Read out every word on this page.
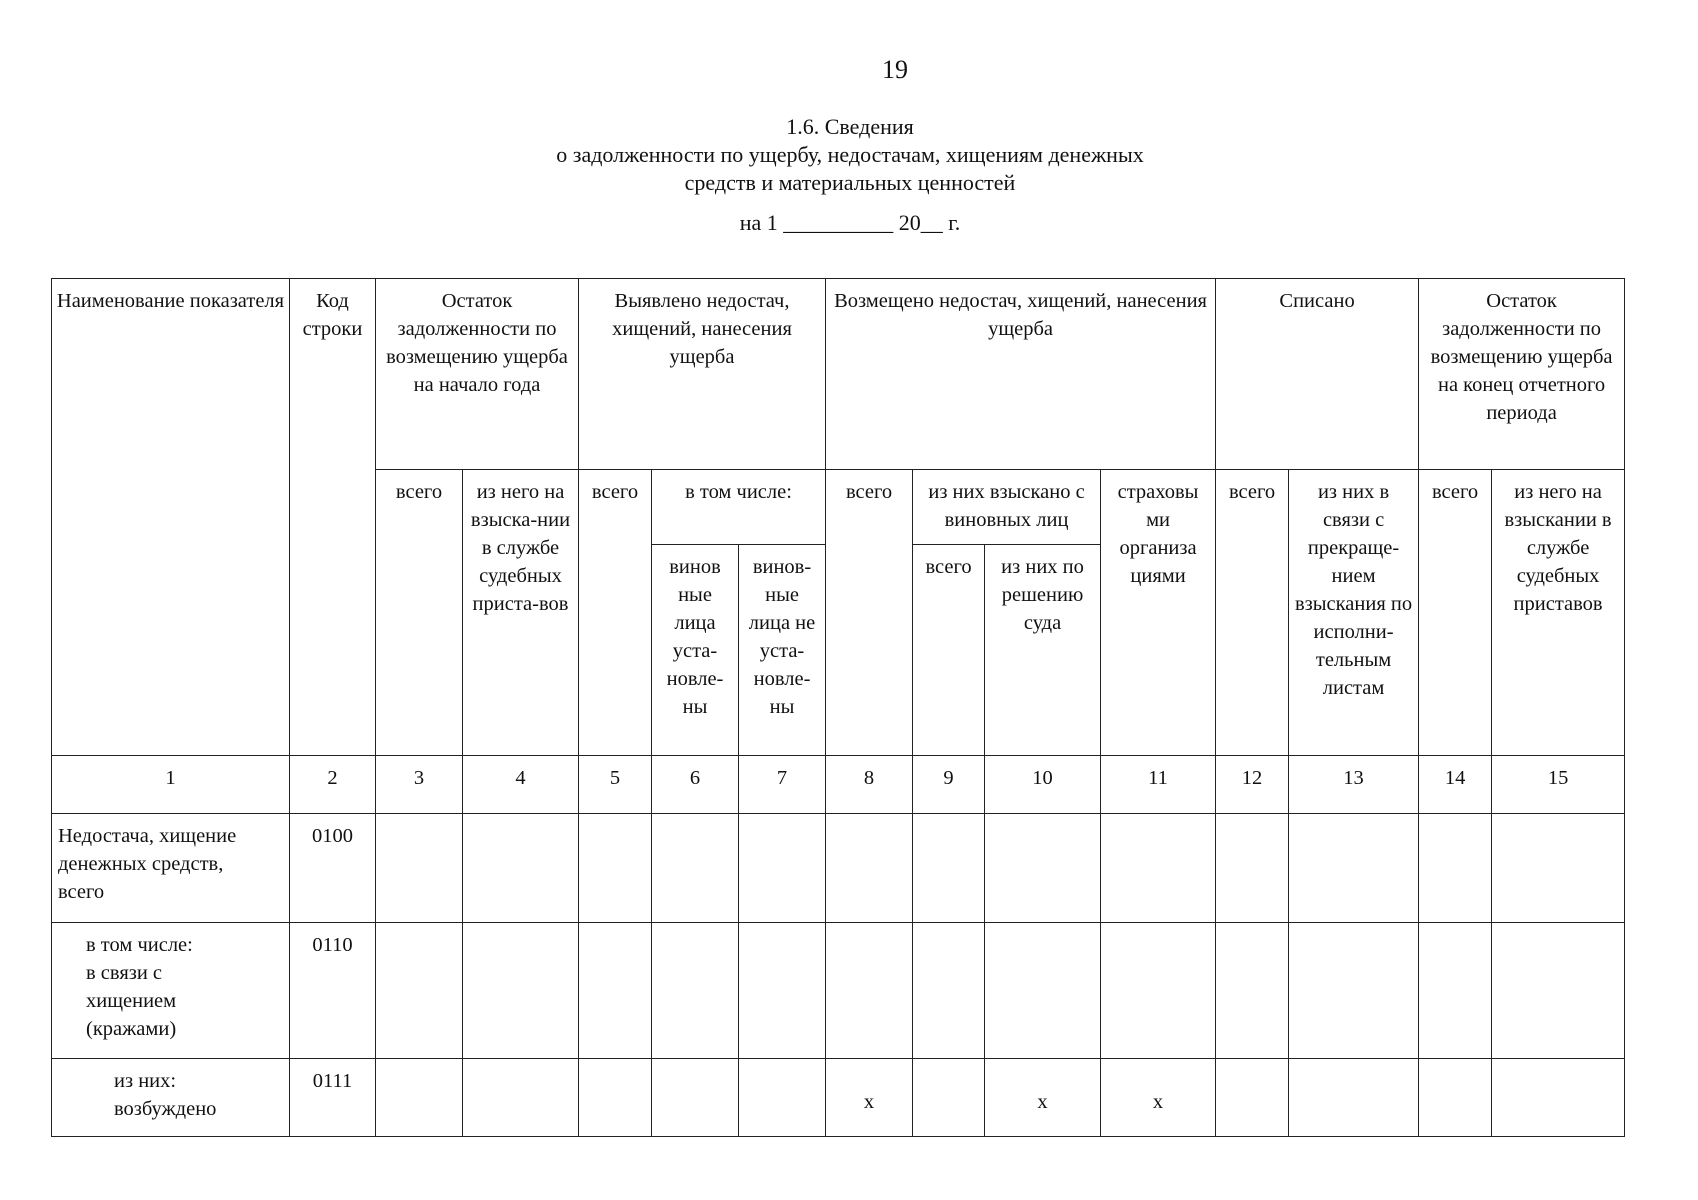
19
1.6. Сведения
о задолженности по ущербу, недостачам, хищениям денежных
средств и материальных ценностей
на 1 __________ 20__ г.
Наименование показателя	Код строки	Остаток задолженности по возмещению ущерба на начало года		Выявлено недостач, хищений, нанесения ущерба			Возмещено недостач, хищений, нанесения ущерба				Списано		Остаток задолженности по возмещению ущерба на конец отчетного периода	
		всего	из него на взыска-нии в службе судебных приста-вов	всего	в том числе:		всего	из них взыскано с виновных лиц		страховы ми организа циями	всего	из них в связи с прекраще-нием взыскания по исполни-тельным листам	всего	из него на взыскании в службе судебных приставов
					винов ные лица уста-новле-ны	винов-ные лица не уста-новле-ны		всего	из них по решению суда					
1	2	3	4	5	6	7	8	9	10	11	12	13	14	15

Недостача, хищение
денежных средств,
всего	0100													

в том числе:
в связи с
хищением
(кражами)	0110													

из них:
возбуждено	0111						x		x	x				
